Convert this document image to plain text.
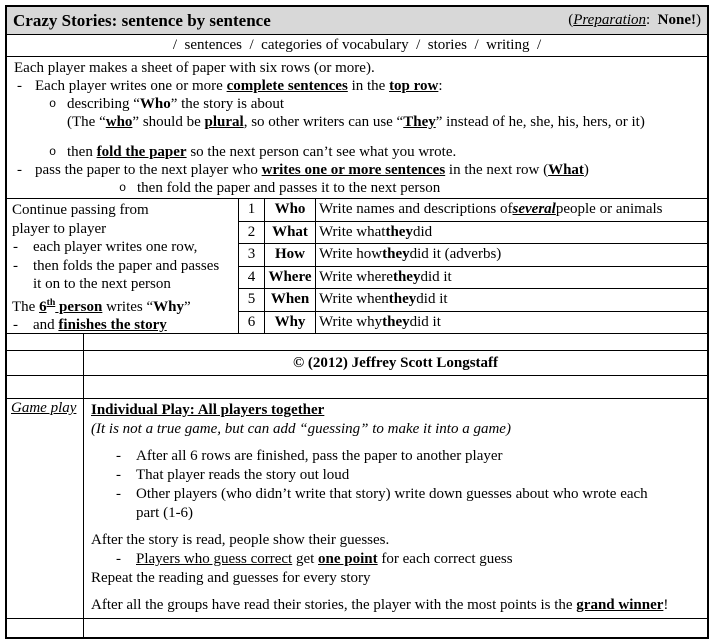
Crazy Stories: sentence by sentence	(Preparation:  None!)
/  sentences  /  categories of vocabulary  /  stories  /  writing  /
Each player makes a sheet of paper with six rows (or more).
- Each player writes one or more complete sentences in the top row:
o describing “Who” the story is about
(The “who” should be plural, so other writers can use “They” instead of he, she, his, hers, or it)
o then fold the paper so the next person can’t see what you wrote.
- pass the paper to the next player who writes one or more sentences in the next row (What)
o then fold the paper and passes it to the next person
Continue passing from
player to player
- each player writes one row,
- then folds the paper and passes
it on to the next person
The 6th person writes “Why”
- and finishes the story
1	Who Write names and descriptions of several people or animals
2	What Write what they did
3	How Write how they did it (adverbs)
4 Where Write where they did it
5	When Write when they did it
6	Why Write why they did it
© (2012) Jeffrey Scott Longstaff
Game play Individual Play: All players together
(It is not a true game, but can add “guessing” to make it into a game)
- After all 6 rows are finished, pass the paper to another player
- That player reads the story out loud
- Other players (who didn’t write that story) write down guesses about who wrote each
part (1-6)
After the story is read, people show their guesses.
- Players who guess correct get one point for each correct guess
Repeat the reading and guesses for every story
After all the groups have read their stories, the player with the most points is the grand winner!
